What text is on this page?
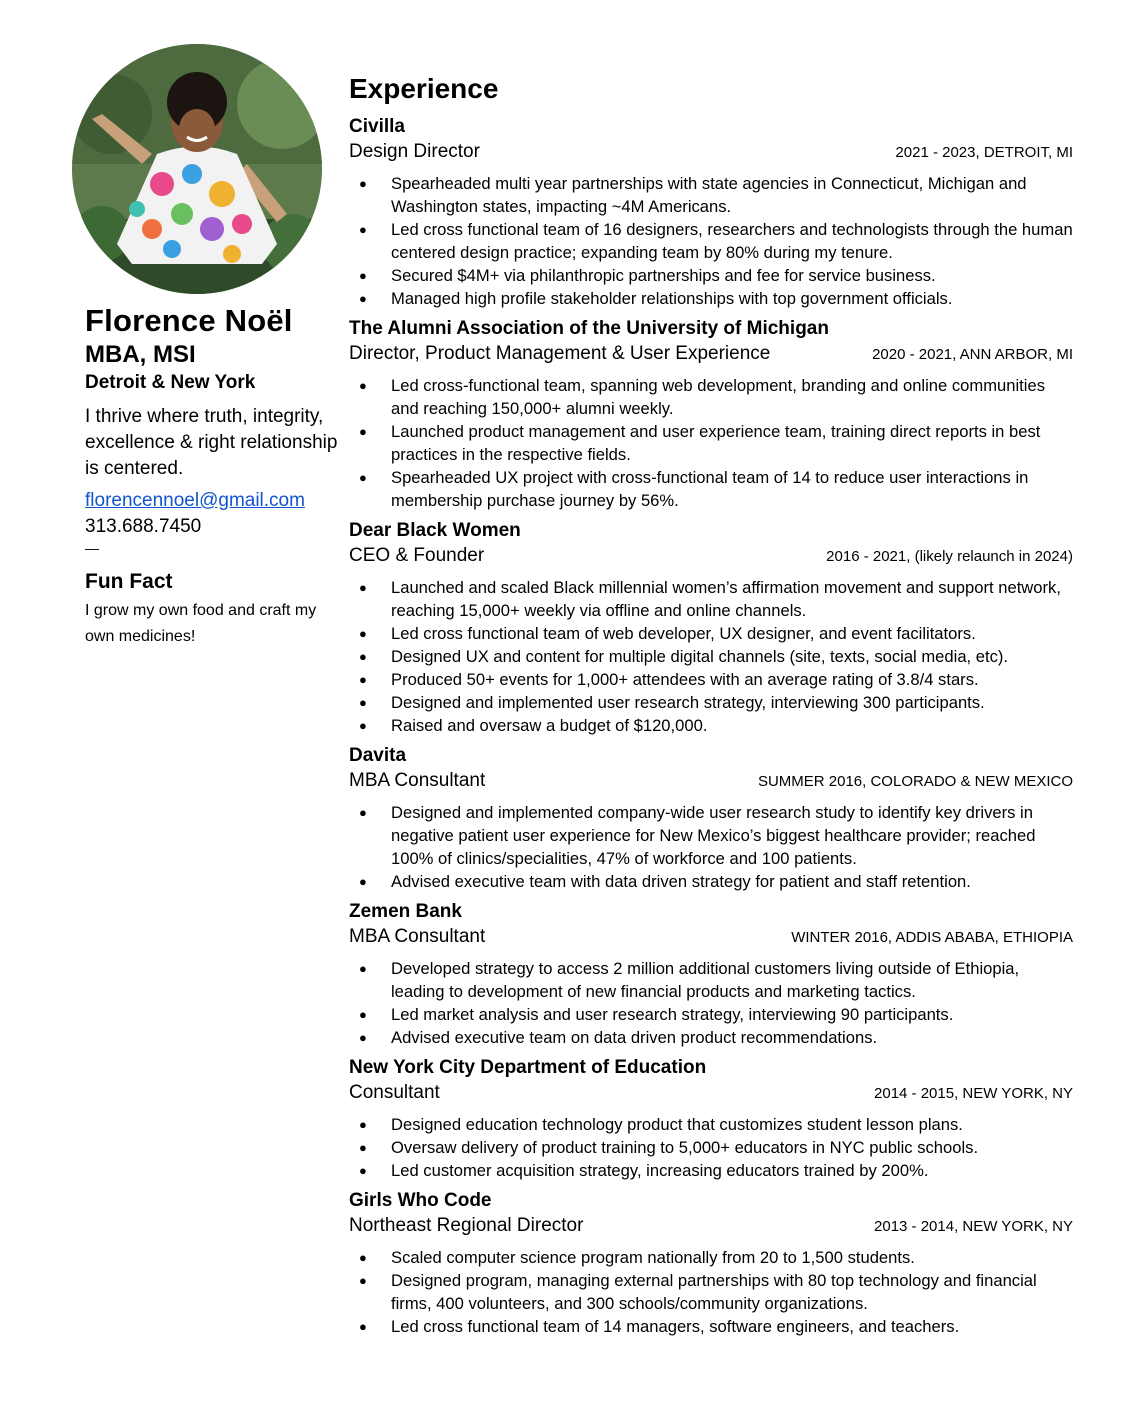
Florence Noël
MBA, MSI
Detroit & New York
I thrive where truth, integrity, excellence & right relationship is centered.
florencennoel@gmail.com
313.688.7450
—
Fun Fact
I grow my own food and craft my own medicines!
Experience
Civilla
Design Director	2021 - 2023, DETROIT, MI
● Spearheaded multi year partnerships with state agencies in Connecticut, Michigan and Washington states, impacting ~4M Americans.
● Led cross functional team of 16 designers, researchers and technologists through the human centered design practice; expanding team by 80% during my tenure.
● Secured $4M+ via philanthropic partnerships and fee for service business.
● Managed high profile stakeholder relationships with top government officials.
The Alumni Association of the University of Michigan
Director, Product Management & User Experience	2020 - 2021, ANN ARBOR, MI
● Led cross-functional team, spanning web development, branding and online communities and reaching 150,000+ alumni weekly.
● Launched product management and user experience team, training direct reports in best practices in the respective fields.
● Spearheaded UX project with cross-functional team of 14 to reduce user interactions in membership purchase journey by 56%.
Dear Black Women
CEO & Founder	2016 - 2021, (likely relaunch in 2024)
● Launched and scaled Black millennial women’s affirmation movement and support network, reaching 15,000+ weekly via offline and online channels.
● Led cross functional team of web developer, UX designer, and event facilitators.
● Designed UX and content for multiple digital channels (site, texts, social media, etc).
● Produced 50+ events for 1,000+ attendees with an average rating of 3.8/4 stars.
● Designed and implemented user research strategy, interviewing 300 participants.
● Raised and oversaw a budget of $120,000.
Davita
MBA Consultant	SUMMER 2016, COLORADO & NEW MEXICO
● Designed and implemented company-wide user research study to identify key drivers in negative patient user experience for New Mexico’s biggest healthcare provider; reached 100% of clinics/specialities, 47% of workforce and 100 patients.
● Advised executive team with data driven strategy for patient and staff retention.
Zemen Bank
MBA Consultant	WINTER 2016, ADDIS ABABA, ETHIOPIA
● Developed strategy to access 2 million additional customers living outside of Ethiopia, leading to development of new financial products and marketing tactics.
● Led market analysis and user research strategy, interviewing 90 participants.
● Advised executive team on data driven product recommendations.
New York City Department of Education
Consultant	2014 - 2015, NEW YORK, NY
● Designed education technology product that customizes student lesson plans.
● Oversaw delivery of product training to 5,000+ educators in NYC public schools.
● Led customer acquisition strategy, increasing educators trained by 200%.
Girls Who Code
Northeast Regional Director	2013 - 2014, NEW YORK, NY
● Scaled computer science program nationally from 20 to 1,500 students.
● Designed program, managing external partnerships with 80 top technology and financial firms, 400 volunteers, and 300 schools/community organizations.
● Led cross functional team of 14 managers, software engineers, and teachers.
